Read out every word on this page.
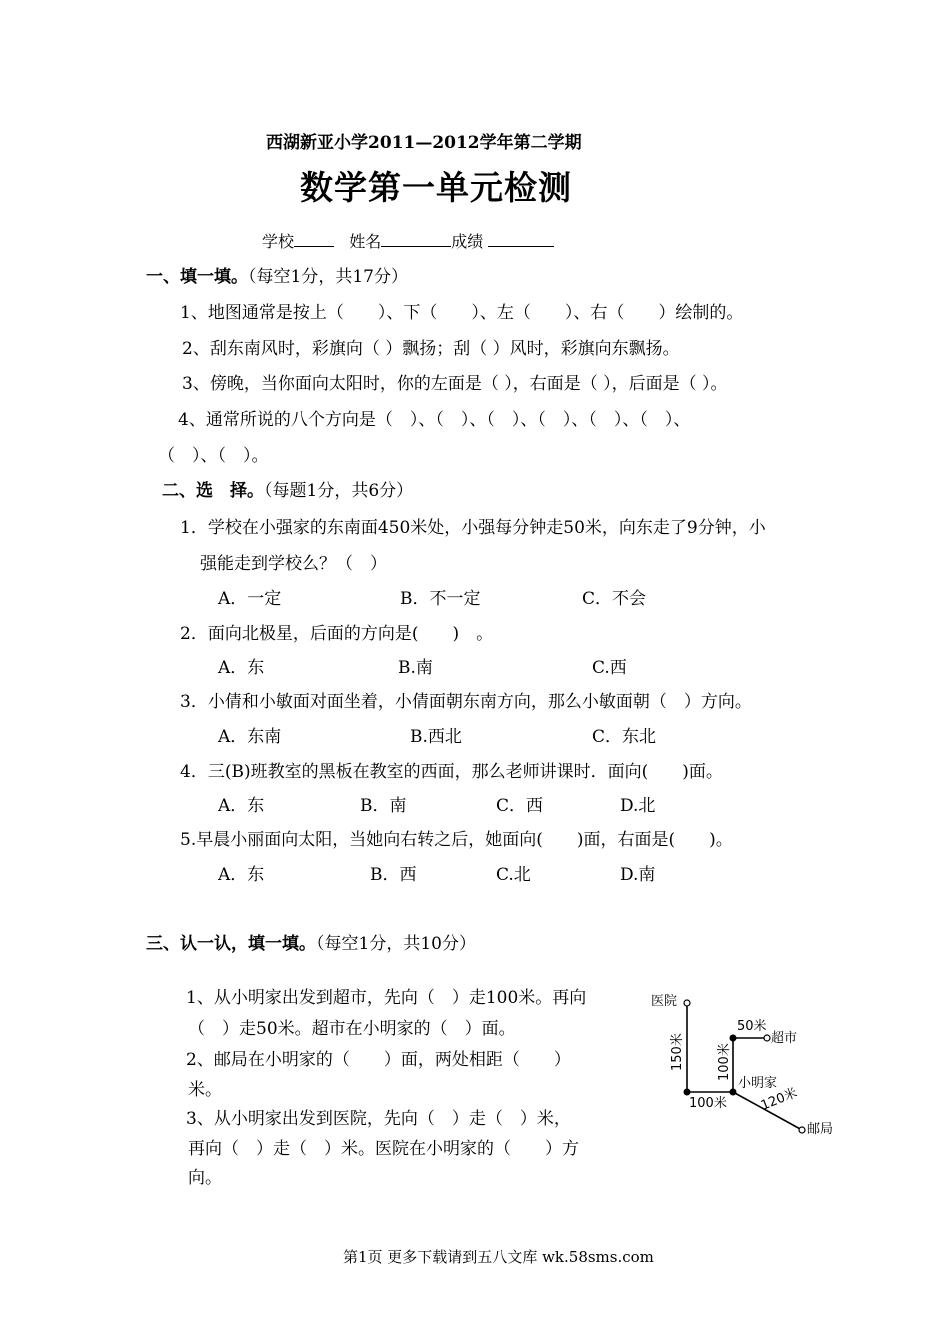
西湖新亚小学2011—2012学年第二学期
数学第一单元检测
学校	姓名	成绩
一、填一填。（每空1分，共17分）
1、地图通常是按上（　　）、下（　　）、左（　　）、右（　　）绘制的。
2、刮东南风时，彩旗向（ ）飘扬；刮（ ）风时，彩旗向东飘扬。
3、傍晚，当你面向太阳时，你的左面是（ ），右面是（ ），后面是（ ）。
4、通常所说的八个方向是（　）、（　）、（　）、（　）、（　）、（　）、
（　）、（　）。
二、选　择。（每题1分，共6分）
1．学校在小强家的东南面450米处，小强每分钟走50米，向东走了9分钟，小
强能走到学校么？（　）
A．一定	B．不一定	C．不会
2．面向北极星，后面的方向是(　　)　。
A．东	B.南	C.西
3．小倩和小敏面对面坐着，小倩面朝东南方向，那么小敏面朝（　）方向。
A．东南	B.西北	C．东北
4．三(B)班教室的黑板在教室的西面，那么老师讲课时．面向(　　)面。
A．东	B．南	C．西	D.北
5.早晨小丽面向太阳，当她向右转之后，她面向(　　)面，右面是(　　)。
A．东	B．西	C.北	D.南
三、认一认，填一填。（每空1分，共10分）
1、从小明家出发到超市，先向（　）走100米。再向
（　）走50米。超市在小明家的（　）面。
2、邮局在小明家的（　　）面，两处相距（　　）
米。
3、从小明家出发到医院，先向（　）走（　）米，
再向（　）走（　）米。医院在小明家的（　　）方
向。
医院
超市
小明家
邮局
50米
100米 120米
150米 100米
第1页 更多下载请到五八文库 wk.58sms.com
